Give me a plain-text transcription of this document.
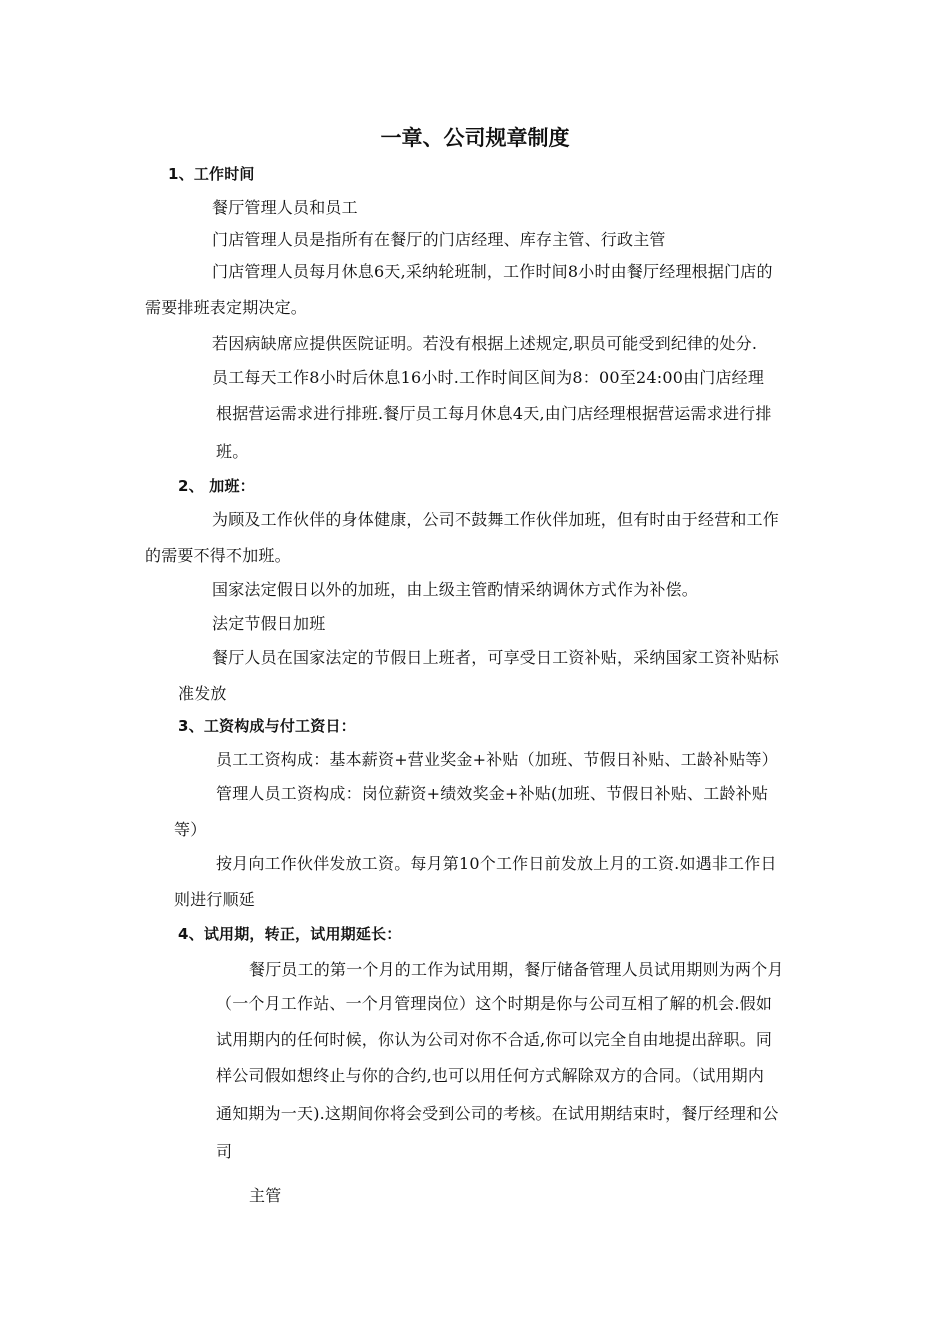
一章、公司规章制度
1、工作时间
餐厅管理人员和员工
门店管理人员是指所有在餐厅的门店经理、库存主管、行政主管
门店管理人员每月休息6天,采纳轮班制，工作时间8小时由餐厅经理根据门店的
需要排班表定期决定。
若因病缺席应提供医院证明。若没有根据上述规定,职员可能受到纪律的处分.
员工每天工作8小时后休息16小时.工作时间区间为8：00至24:00由门店经理
根据营运需求进行排班.餐厅员工每月休息4天,由门店经理根据营运需求进行排
班。
2、 加班：
为顾及工作伙伴的身体健康，公司不鼓舞工作伙伴加班，但有时由于经营和工作
的需要不得不加班。
国家法定假日以外的加班，由上级主管酌情采纳调休方式作为补偿。
法定节假日加班
餐厅人员在国家法定的节假日上班者，可享受日工资补贴，采纳国家工资补贴标
准发放
3、工资构成与付工资日：
员工工资构成：基本薪资+营业奖金+补贴（加班、节假日补贴、工龄补贴等）
管理人员工资构成：岗位薪资+绩效奖金+补贴(加班、节假日补贴、工龄补贴
等）
按月向工作伙伴发放工资。每月第10个工作日前发放上月的工资.如遇非工作日
则进行顺延
4、试用期，转正，试用期延长：
餐厅员工的第一个月的工作为试用期，餐厅储备管理人员试用期则为两个月
（一个月工作站、一个月管理岗位）这个时期是你与公司互相了解的机会.假如
试用期内的任何时候，你认为公司对你不合适,你可以完全自由地提出辞职。同
样公司假如想终止与你的合约,也可以用任何方式解除双方的合同。（试用期内
通知期为一天).这期间你将会受到公司的考核。在试用期结束时，餐厅经理和公
司
主管
